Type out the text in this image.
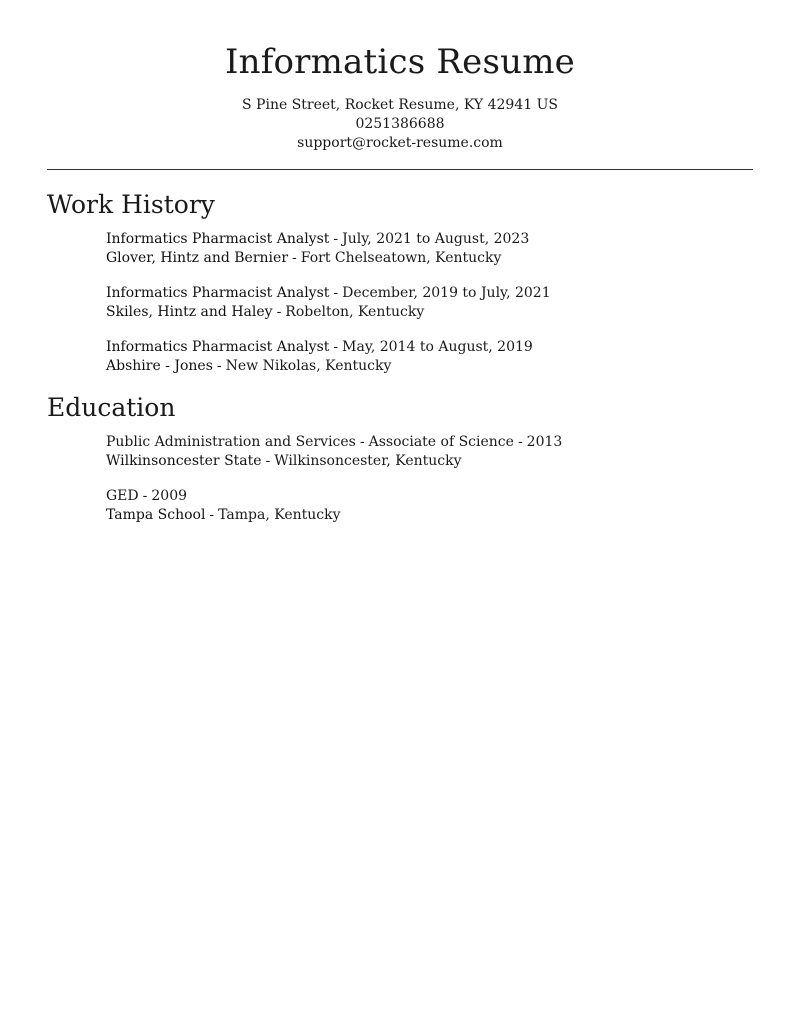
Informatics Resume

S Pine Street, Rocket Resume, KY 42941 US

0251386688

support@rocket-resume.com

Work History

Informatics Pharmacist Analyst - July, 2021 to August, 2023

Glover, Hintz and Bernier - Fort Chelseatown, Kentucky

Informatics Pharmacist Analyst - December, 2019 to July, 2021

Skiles, Hintz and Haley - Robelton, Kentucky

Informatics Pharmacist Analyst - May, 2014 to August, 2019

Abshire - Jones - New Nikolas, Kentucky

Education

Public Administration and Services - Associate of Science - 2013

Wilkinsoncester State - Wilkinsoncester, Kentucky

GED - 2009

Tampa School - Tampa, Kentucky
